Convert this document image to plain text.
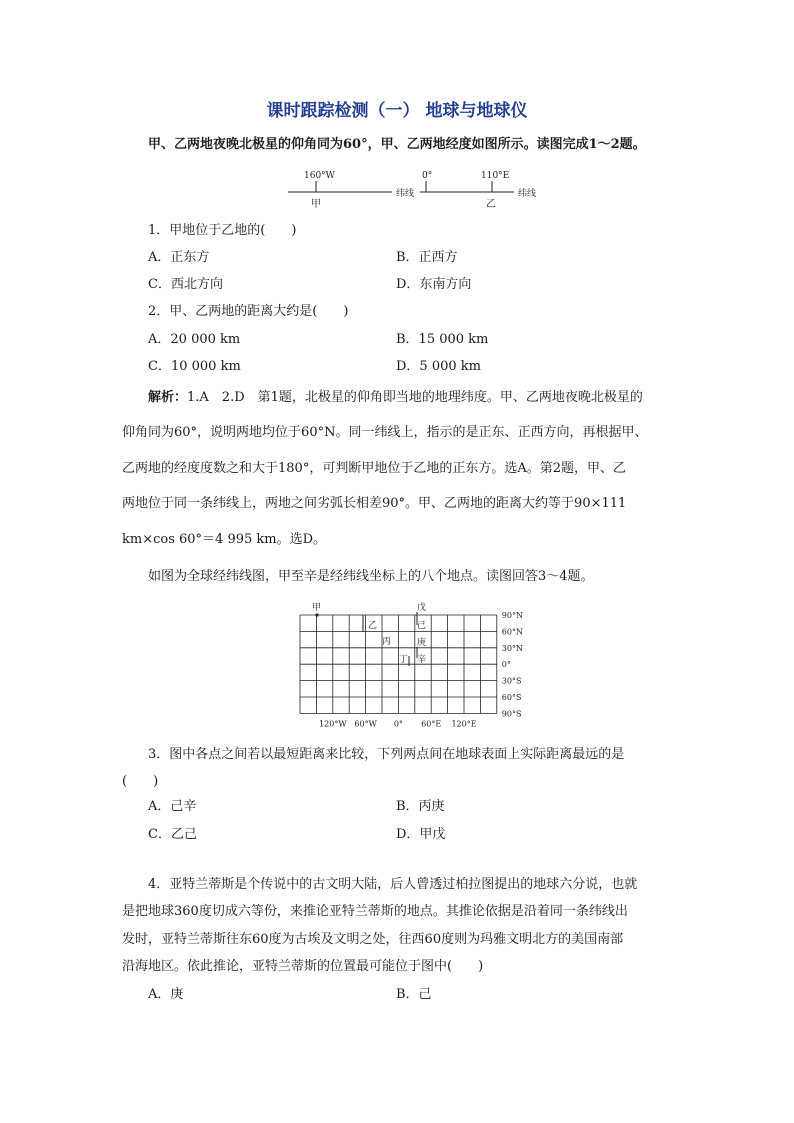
课时跟踪检测（一） 地球与地球仪
甲、乙两地夜晚北极星的仰角同为60°，甲、乙两地经度如图所示。读图完成1～2题。
160°W
甲
纬线
0°	110°E
乙
纬线
1．甲地位于乙地的(　　)
A．正东方	B．正西方
C．西北方向	D．东南方向
2．甲、乙两地的距离大约是(　　)
A．20 000 km	B．15 000 km
C．10 000 km	D．5 000 km
解析：1.A　2.D　第1题，北极星的仰角即当地的地理纬度。甲、乙两地夜晚北极星的
仰角同为60°，说明两地均位于60°N。同一纬线上，指示的是正东、正西方向，再根据甲、
乙两地的经度度数之和大于180°，可判断甲地位于乙地的正东方。选A。第2题，甲、乙
两地位于同一条纬线上，两地之间劣弧长相差90°。甲、乙两地的距离大约等于90×111
km×cos 60°＝4 995 km。选D。
如图为全球经纬线图，甲至辛是经纬线坐标上的八个地点。读图回答3～4题。
90°N
60°N
30°N
0°
30°S
60°S
90°S
120°W 60°W 0° 60°E 120°E
甲
乙
丙
丁
戊
己
庚
辛
3．图中各点之间若以最短距离来比较，下列两点间在地球表面上实际距离最远的是
(　　)
A．己辛	B．丙庚
C．乙己	D．甲戊
4．亚特兰蒂斯是个传说中的古文明大陆，后人曾透过柏拉图提出的地球六分说，也就
是把地球360度切成六等份，来推论亚特兰蒂斯的地点。其推论依据是沿着同一条纬线出
发时，亚特兰蒂斯往东60度为古埃及文明之处，往西60度则为玛雅文明北方的美国南部
沿海地区。依此推论，亚特兰蒂斯的位置最可能位于图中(　　)
A．庚	B．己
